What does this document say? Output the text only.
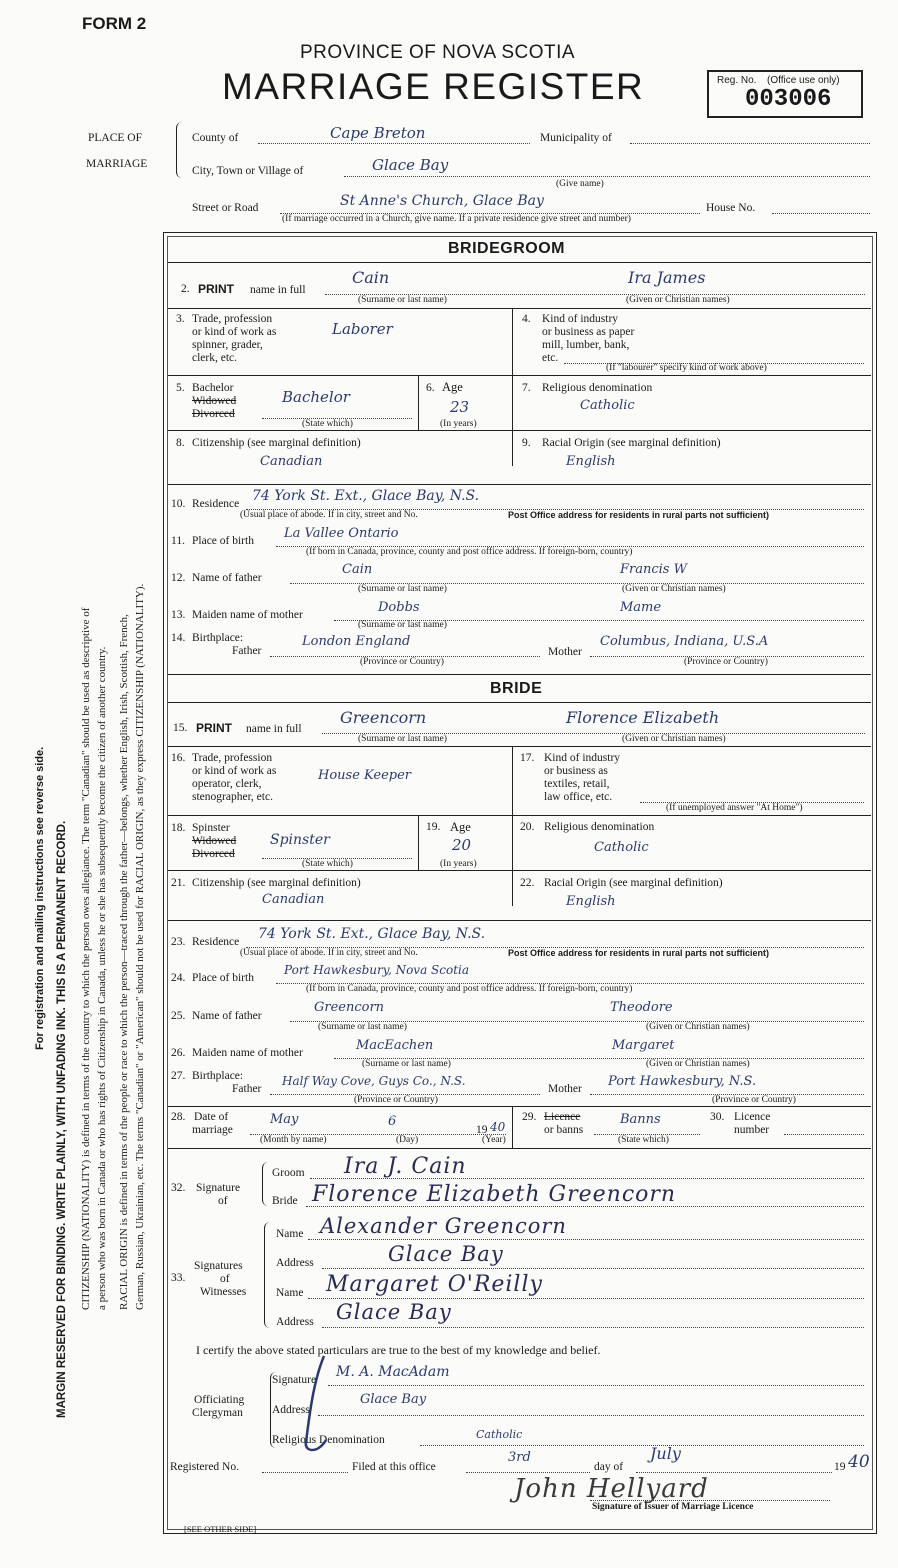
FORM 2
PROVINCE OF NOVA SCOTIA
MARRIAGE REGISTER	Reg. No. (Office use only)
003006
PLACE OF
MARRIAGE
County of	Cape Breton	Municipality of
City, Town or Village of	Glace Bay
(Give name)
Street or Road	St Anne's Church, Glace Bay	House No.
(If marriage occurred in a Church, give name. If a private residence give street and number)
For registration and mailing instructions see reverse side. MARGIN RESERVED FOR BINDING. WRITE PLAINLY, WITH UNFADING INK. THIS IS A PERMANENT RECORD. CITIZENSHIP (NATIONALITY) is defined in terms of the country to which the person owes allegiance. The term "Canadian" should be used as descriptive of a person who was born in Canada or who has rights of Citizenship in Canada, unless he or she has subsequently become the citizen of another country. RACIAL ORIGIN is defined in terms of the people or race to which the person—traced through the father—belongs, whether English, Irish, Scottish, French, German, Russian, Ukrainian, etc. The terms "Canadian" or "American" should not be used for RACIAL ORIGIN, as they express CITIZENSHIP (NATIONALITY).
BRIDEGROOM
2. PRINT name in full
Cain	Ira James
(Surname or last name)	(Given or Christian names)
3. Trade, profession
or kind of work as
spinner, grader,
clerk, etc.
Laborer
4. Kind of industry
or business as paper
mill, lumber, bank,
etc.
(If "labourer" specify kind of work above)
5. Bachelor
Widowed
Divorced
Bachelor
(State which)
6. Age
23
(In years)
7. Religious denomination
Catholic
8. Citizenship (see marginal definition)
Canadian
9. Racial Origin (see marginal definition)
English
10. Residence 74 York St. Ext., Glace Bay, N.S.
(Usual place of abode. If in city, street and No.	Post Office address for residents in rural parts not sufficient)
11. Place of birth La Vallee Ontario
(If born in Canada, province, county and post office address. If foreign-born, country)
12. Name of father
Cain	Francis W
(Surname or last name)	(Given or Christian names)
13. Maiden name of mother	Dobbs	Mame
(Surname or last name)
14. Birthplace:
Father
London England
(Province or Country)
Mother
Columbus, Indiana, U.S.A
(Province or Country)
BRIDE
15. PRINT name in full
Greencorn	Florence Elizabeth
(Surname or last name)	(Given or Christian names)
16. Trade, profession
or kind of work as
operator, clerk,
stenographer, etc.
House Keeper
17. Kind of industry
or business as
textiles, retail,
law office, etc.
(If unemployed answer "At Home")
18. Spinster
Widowed
Divorced
Spinster
(State which)
19. Age
20
(In years)
20. Religious denomination
Catholic
21. Citizenship (see marginal definition)
Canadian
22. Racial Origin (see marginal definition)
English
23. Residence 74 York St. Ext., Glace Bay, N.S.
(Usual place of abode. If in city, street and No.	Post Office address for residents in rural parts not sufficient)
24. Place of birth
Port Hawkesbury, Nova Scotia
(If born in Canada, province, county and post office address. If foreign-born, country)
25. Name of father
Greencorn	Theodore
(Surname or last name)	(Given or Christian names)
26. Maiden name of mother	MacEachen	Margaret
(Surname or last name)	(Given or Christian names)
27. Birthplace:
Father
Half Way Cove, Guys Co., N.S.
(Province or Country)
Mother Port Hawkesbury, N.S.
(Province or Country)
28. Date of
marriage
May	6
19 40
(Month by name)	(Day)	(Year)
29. Licence
or banns
Banns
(State which)
30. Licence
number
32. Signature
of
Groom Ira J. Cain
Bride Florence Elizabeth Greencorn
33.
Signatures
of
Witnesses
Name Alexander Greencorn
Address	Glace Bay
Name Margaret O'Reilly
Address Glace Bay
I certify the above stated particulars are true to the best of my knowledge and belief.
Officiating
Clergyman
Signature M. A. MacAdam
Address
Glace Bay
Religious Denomination	Catholic
Registered No.	Filed at this office
3rd
day of
July
19 40
John Hellyard
Signature of Issuer of Marriage Licence
[SEE OTHER SIDE]
